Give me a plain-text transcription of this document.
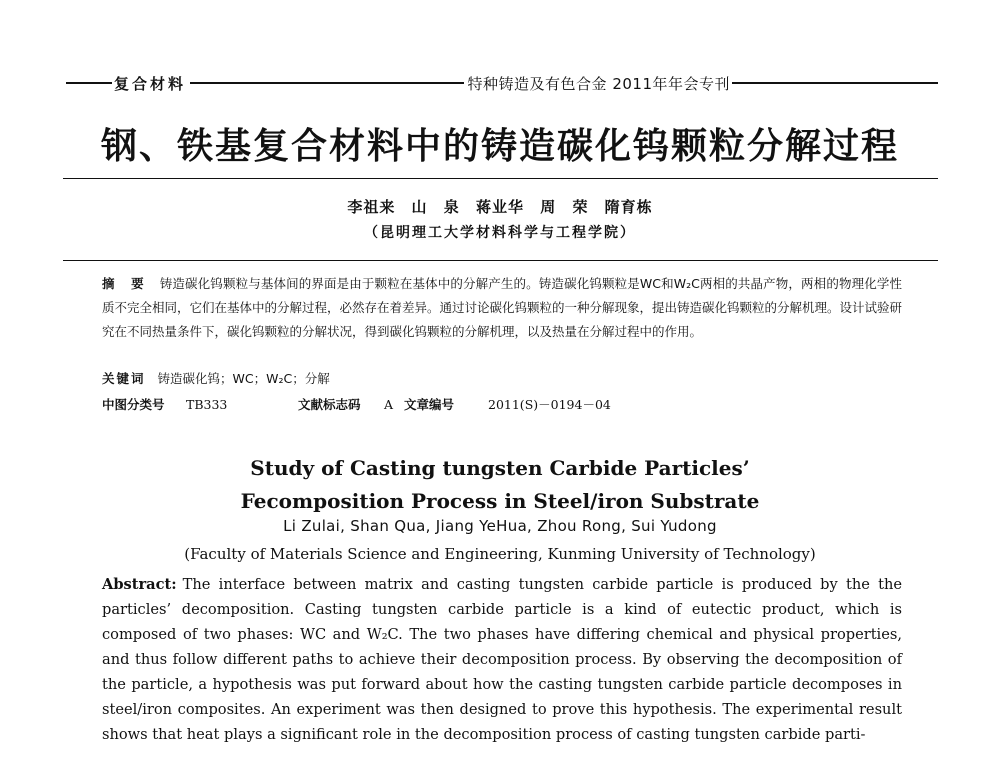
复合材料	特种铸造及有色合金 2011年年会专刊
钢、铁基复合材料中的铸造碳化钨颗粒分解过程
李祖来 山 泉 蒋业华 周 荣 隋育栋
（昆明理工大学材料科学与工程学院）
摘 要 铸造碳化钨颗粒与基体间的界面是由于颗粒在基体中的分解产生的。铸造碳化钨颗粒是WC和W₂C两相的共晶产物，两相的物理化学性质不完全相同，它们在基体中的分解过程，必然存在着差异。通过讨论碳化钨颗粒的一种分解现象，提出铸造碳化钨颗粒的分解机理。设计试验研究在不同热量条件下，碳化钨颗粒的分解状况，得到碳化钨颗粒的分解机理，以及热量在分解过程中的作用。
关键词 铸造碳化钨；WC；W₂C；分解
中图分类号 TB333	文献标志码 A 文章编号	2011(S)－0194－04
Study of Casting tungsten Carbide Particles’
Fecomposition Process in Steel/iron Substrate
Li Zulai, Shan Qua, Jiang YeHua, Zhou Rong, Sui Yudong
(Faculty of Materials Science and Engineering, Kunming University of Technology)
Abstract: The interface between matrix and casting tungsten carbide particle is produced by the the particles’ decomposition. Casting tungsten carbide particle is a kind of eutectic product, which is composed of two phases: WC and W₂C. The two phases have differing chemical and physical properties, and thus follow different paths to achieve their decomposition process. By observing the decomposition of the particle, a hypothesis was put forward about how the casting tungsten carbide particle decomposes in steel/iron composites. An experiment was then designed to prove this hypothesis. The experimental result shows that heat plays a significant role in the decomposition process of casting tungsten carbide parti-
